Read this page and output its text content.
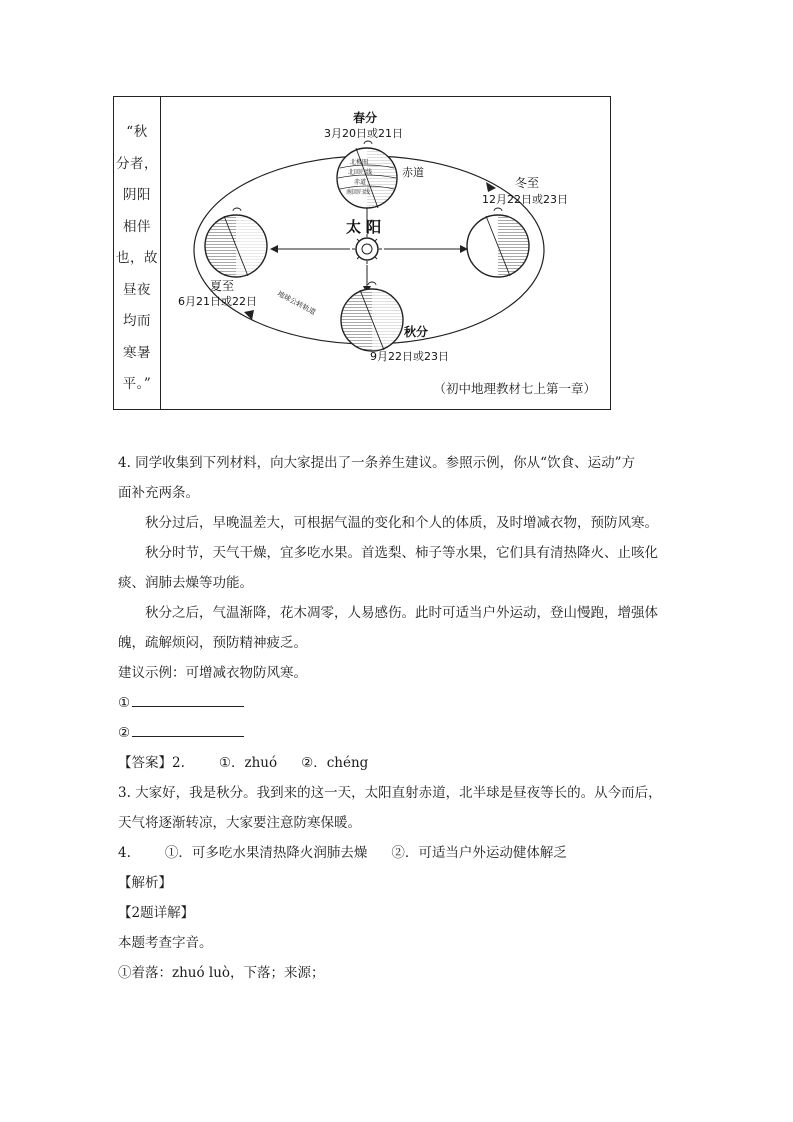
“秋
分者，
阴阳
相伴
也，故
昼夜
均而
寒暑
平。”
太 阳
北极圈
北回归线
赤道
南回归线
春分
3月20日或21日
赤道
夏至
6月21日或22日
冬至
12月22日或23日
秋分
9月22日或23日
地球公转轨道
（初中地理教材七上第一章）

4. 同学收集到下列材料，向大家提出了一条养生建议。参照示例，你从“饮食、运动”方

面补充两条。

秋分过后，早晚温差大，可根据气温的变化和个人的体质，及时增减衣物，预防风寒。

秋分时节，天气干燥，宜多吃水果。首选梨、柿子等水果，它们具有清热降火、止咳化

痰、润肺去燥等功能。

秋分之后，气温渐降，花木凋零，人易感伤。此时可适当户外运动，登山慢跑，增强体

魄，疏解烦闷，预防精神疲乏。

建议示例：可增减衣物防风寒。

①

②

【答案】2.	①．zhuó ②．chéng

3. 大家好，我是秋分。我到来的这一天，太阳直射赤道，北半球是昼夜等长的。从今而后，

天气将逐渐转凉，大家要注意防寒保暖。

4.	①．可多吃水果清热降火润肺去燥 ②．可适当户外运动健体解乏

【解析】

【2题详解】

本题考查字音。

①着落：zhuó luò，下落；来源；
